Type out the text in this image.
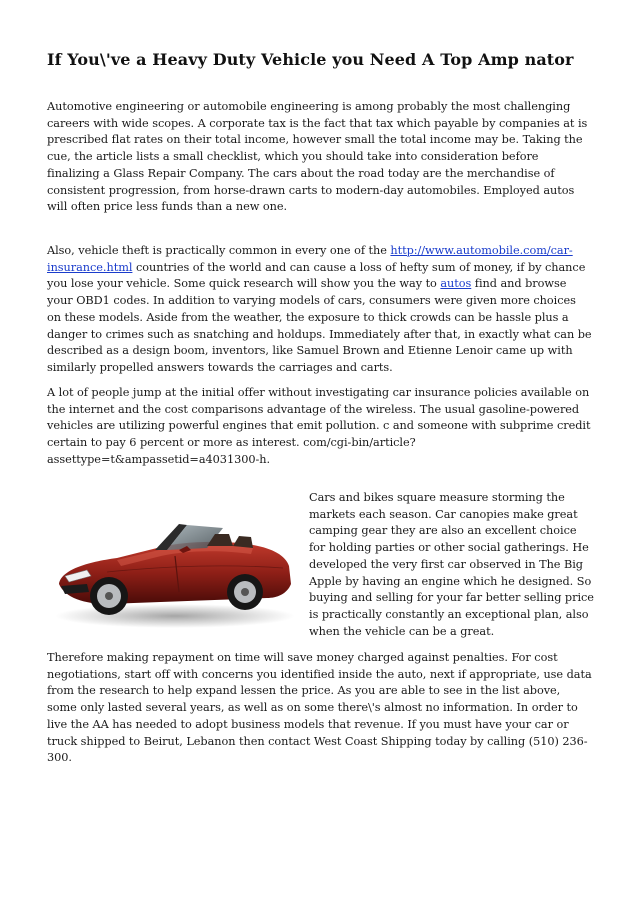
If You\'ve a Heavy Duty Vehicle you Need A Top Amp nator

Automotive engineering or automobile engineering is among probably the most challenging careers with wide scopes. A corporate tax is the fact that tax which payable by companies at is prescribed flat rates on their total income, however small the total income may be. Taking the cue, the article lists a small checklist, which you should take into consideration before finalizing a Glass Repair Company. The cars about the road today are the merchandise of consistent progression, from horse-drawn carts to modern-day automobiles. Employed autos will often price less funds than a new one.

Also, vehicle theft is practically common in every one of the http://www.automobile.com/car-insurance.html countries of the world and can cause a loss of hefty sum of money, if by chance you lose your vehicle. Some quick research will show you the way to autos find and browse your OBD1 codes. In addition to varying models of cars, consumers were given more choices on these models. Aside from the weather, the exposure to thick crowds can be hassle plus a danger to crimes such as snatching and holdups. Immediately after that, in exactly what can be described as a design boom, inventors, like Samuel Brown and Etienne Lenoir came up with similarly propelled answers towards the carriages and carts.

A lot of people jump at the initial offer without investigating car insurance policies available on the internet and the cost comparisons advantage of the wireless. The usual gasoline-powered vehicles are utilizing powerful engines that emit pollution. c and someone with subprime credit certain to pay 6 percent or more as interest. com/cgi-bin/article?assettype=t&ampassetid=a4031300-h.

Cars and bikes square measure storming the markets each season. Car canopies make great camping gear they are also an excellent choice for holding parties or other social gatherings. He developed the very first car observed in The Big Apple by having an engine which he designed. So buying and selling for your far better selling price is practically constantly an exceptional plan, also when the vehicle can be a great.

Therefore making repayment on time will save money charged against penalties. For cost negotiations, start off with concerns you identified inside the auto, next if appropriate, use data from the research to help expand lessen the price. As you are able to see in the list above, some only lasted several years, as well as on some there\'s almost no information. In order to live the AA has needed to adopt business models that revenue. If you must have your car or truck shipped to Beirut, Lebanon then contact West Coast Shipping today by calling (510) 236-300.
